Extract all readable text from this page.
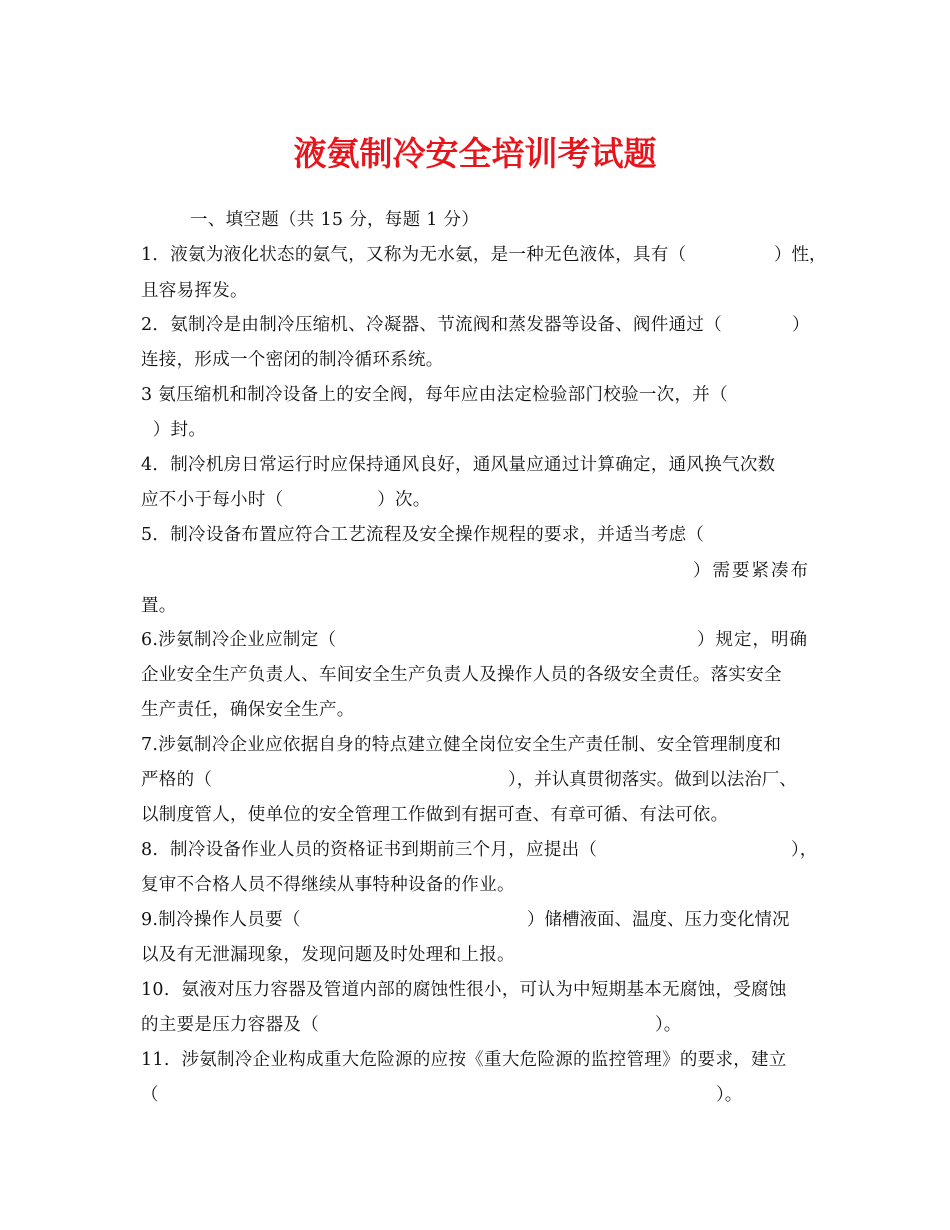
液氨制冷安全培训考试题
一、填空题（共 15 分，每题 1 分）
1．液氨为液化状态的氨气，又称为无水氨，是一种无色液体，具有（	）性，
且容易挥发。
2．氨制冷是由制冷压缩机、冷凝器、节流阀和蒸发器等设备、阀件通过（	）
连接，形成一个密闭的制冷循环系统。
3 氨压缩机和制冷设备上的安全阀，每年应由法定检验部门校验一次，并（
）封。
4．制冷机房日常运行时应保持通风良好，通风量应通过计算确定，通风换气次数
应不小于每小时（                ）次。
5．制冷设备布置应符合工艺流程及安全操作规程的要求，并适当考虑（
）需要紧凑布
置。
6.涉氨制冷企业应制定（	）规定，明确
企业安全生产负责人、车间安全生产负责人及操作人员的各级安全责任。落实安全
生产责任，确保安全生产。
7.涉氨制冷企业应依据自身的特点建立健全岗位安全生产责任制、安全管理制度和
严格的（	），并认真贯彻落实。做到以法治厂、
以制度管人，使单位的安全管理工作做到有据可查、有章可循、有法可依。
8.  制冷设备作业人员的资格证书到期前三个月，应提出（	），
复审不合格人员不得继续从事特种设备的作业。
9.制冷操作人员要（	）储槽液面、温度、压力变化情况
以及有无泄漏现象，发现问题及时处理和上报。
10.  氨液对压力容器及管道内部的腐蚀性很小，可认为中短期基本无腐蚀，受腐蚀
的主要是压力容器及（	）。
11.  涉氨制冷企业构成重大危险源的应按《重大危险源的监控管理》的要求，建立
（	）。
